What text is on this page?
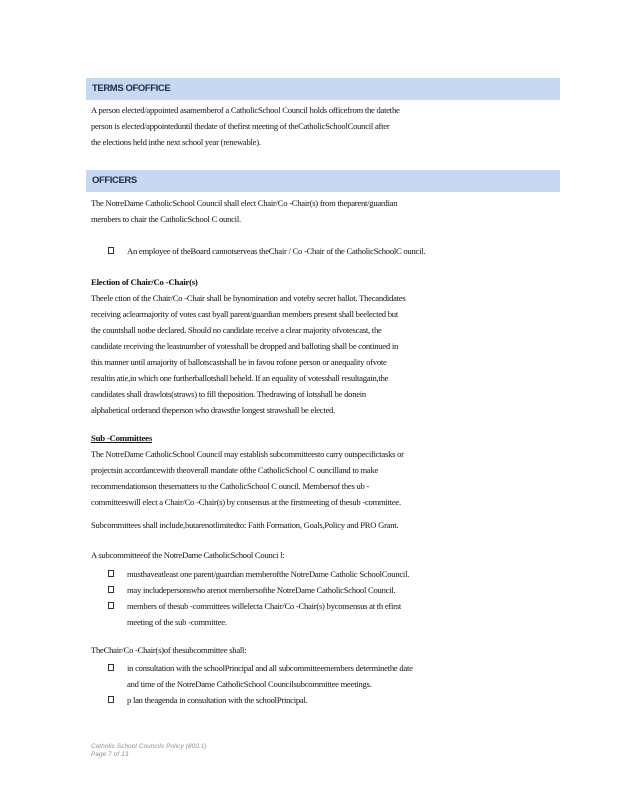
TERMS OFOFFICE
A person elected/appointed asamemberof a CatholicSchool Council holds officefrom the datethe
person is elected/appointeduntil thedate of thefirst meeting of theCatholicSchoolCouncil after
the elections held inthe next school year (renewable).
OFFICERS
The NotreDame CatholicSchool Council shall elect Chair/Co -Chair(s) from theparent/guardian
members to chair the CatholicSchool C ouncil.
An employee of theBoard cannotserveas theChair / Co -Chair of the CatholicSchoolC ouncil.
Election of Chair/Co -Chair(s)
Theele ction of the Chair/Co -Chair shall be bynomination and voteby secret ballot. Thecandidates
receiving aclearmajority of votes cast byall parent/guardian members present shall beelected but
the countshall notbe declared. Should no candidate receive a clear majority ofvotescast, the
candidate receiving the leastnumber of votesshall be dropped and balloting shall be continued in
this manner until amajority of ballotscastshall be in favou rofone person or anequality ofvote
resultin atie,in which one furtherballotshall beheld. If an equality of votesshall resultagain,the
candidates shall drawlots(straws) to fill theposition. Thedrawing of lotsshall be donein
alphabetical orderand theperson who drawsthe longest strawshall be elected.
Sub -Committees
The NotreDame CatholicSchool Council may establish subcommitteesto carry outspecifictasks or
projectsin accordancewith theoverall mandate ofthe CatholicSchool C ouncilland to make
recommendationson thesematters to the CatholicSchool C ouncil. Membersof thes ub -
committeeswill elect a Chair/Co -Chair(s) by consensus at the firstmeeting of thesub -committee.
Subcommittees shall include,butarenotlimitedto: Faith Formation, Goals,Policy and PRO Grant.
A subcommitteeof the NotreDame CatholicSchool Counci l:
musthaveatleast one parent/guardian memberofthe NotreDame Catholic SchoolCouncil.
may includepersonswho arenot membersofthe NotreDame CatholicSchool Council.
members of thesub -committees willelecta Chair/Co -Chair(s) byconsensus at th efirst
meeting of the sub -committee.
TheChair/Co -Chair(s)of thesubcommittee shall:
in consultation with the schoolPrincipal and all subcommitteemembers determinethe date
and time of the NotreDame CatholicSchool Councilsubcommittee meetings.
p lan theagenda in consultation with the schoolPrincipal.
Catholic School Councils Policy (800.1)
Page 7 of 13
